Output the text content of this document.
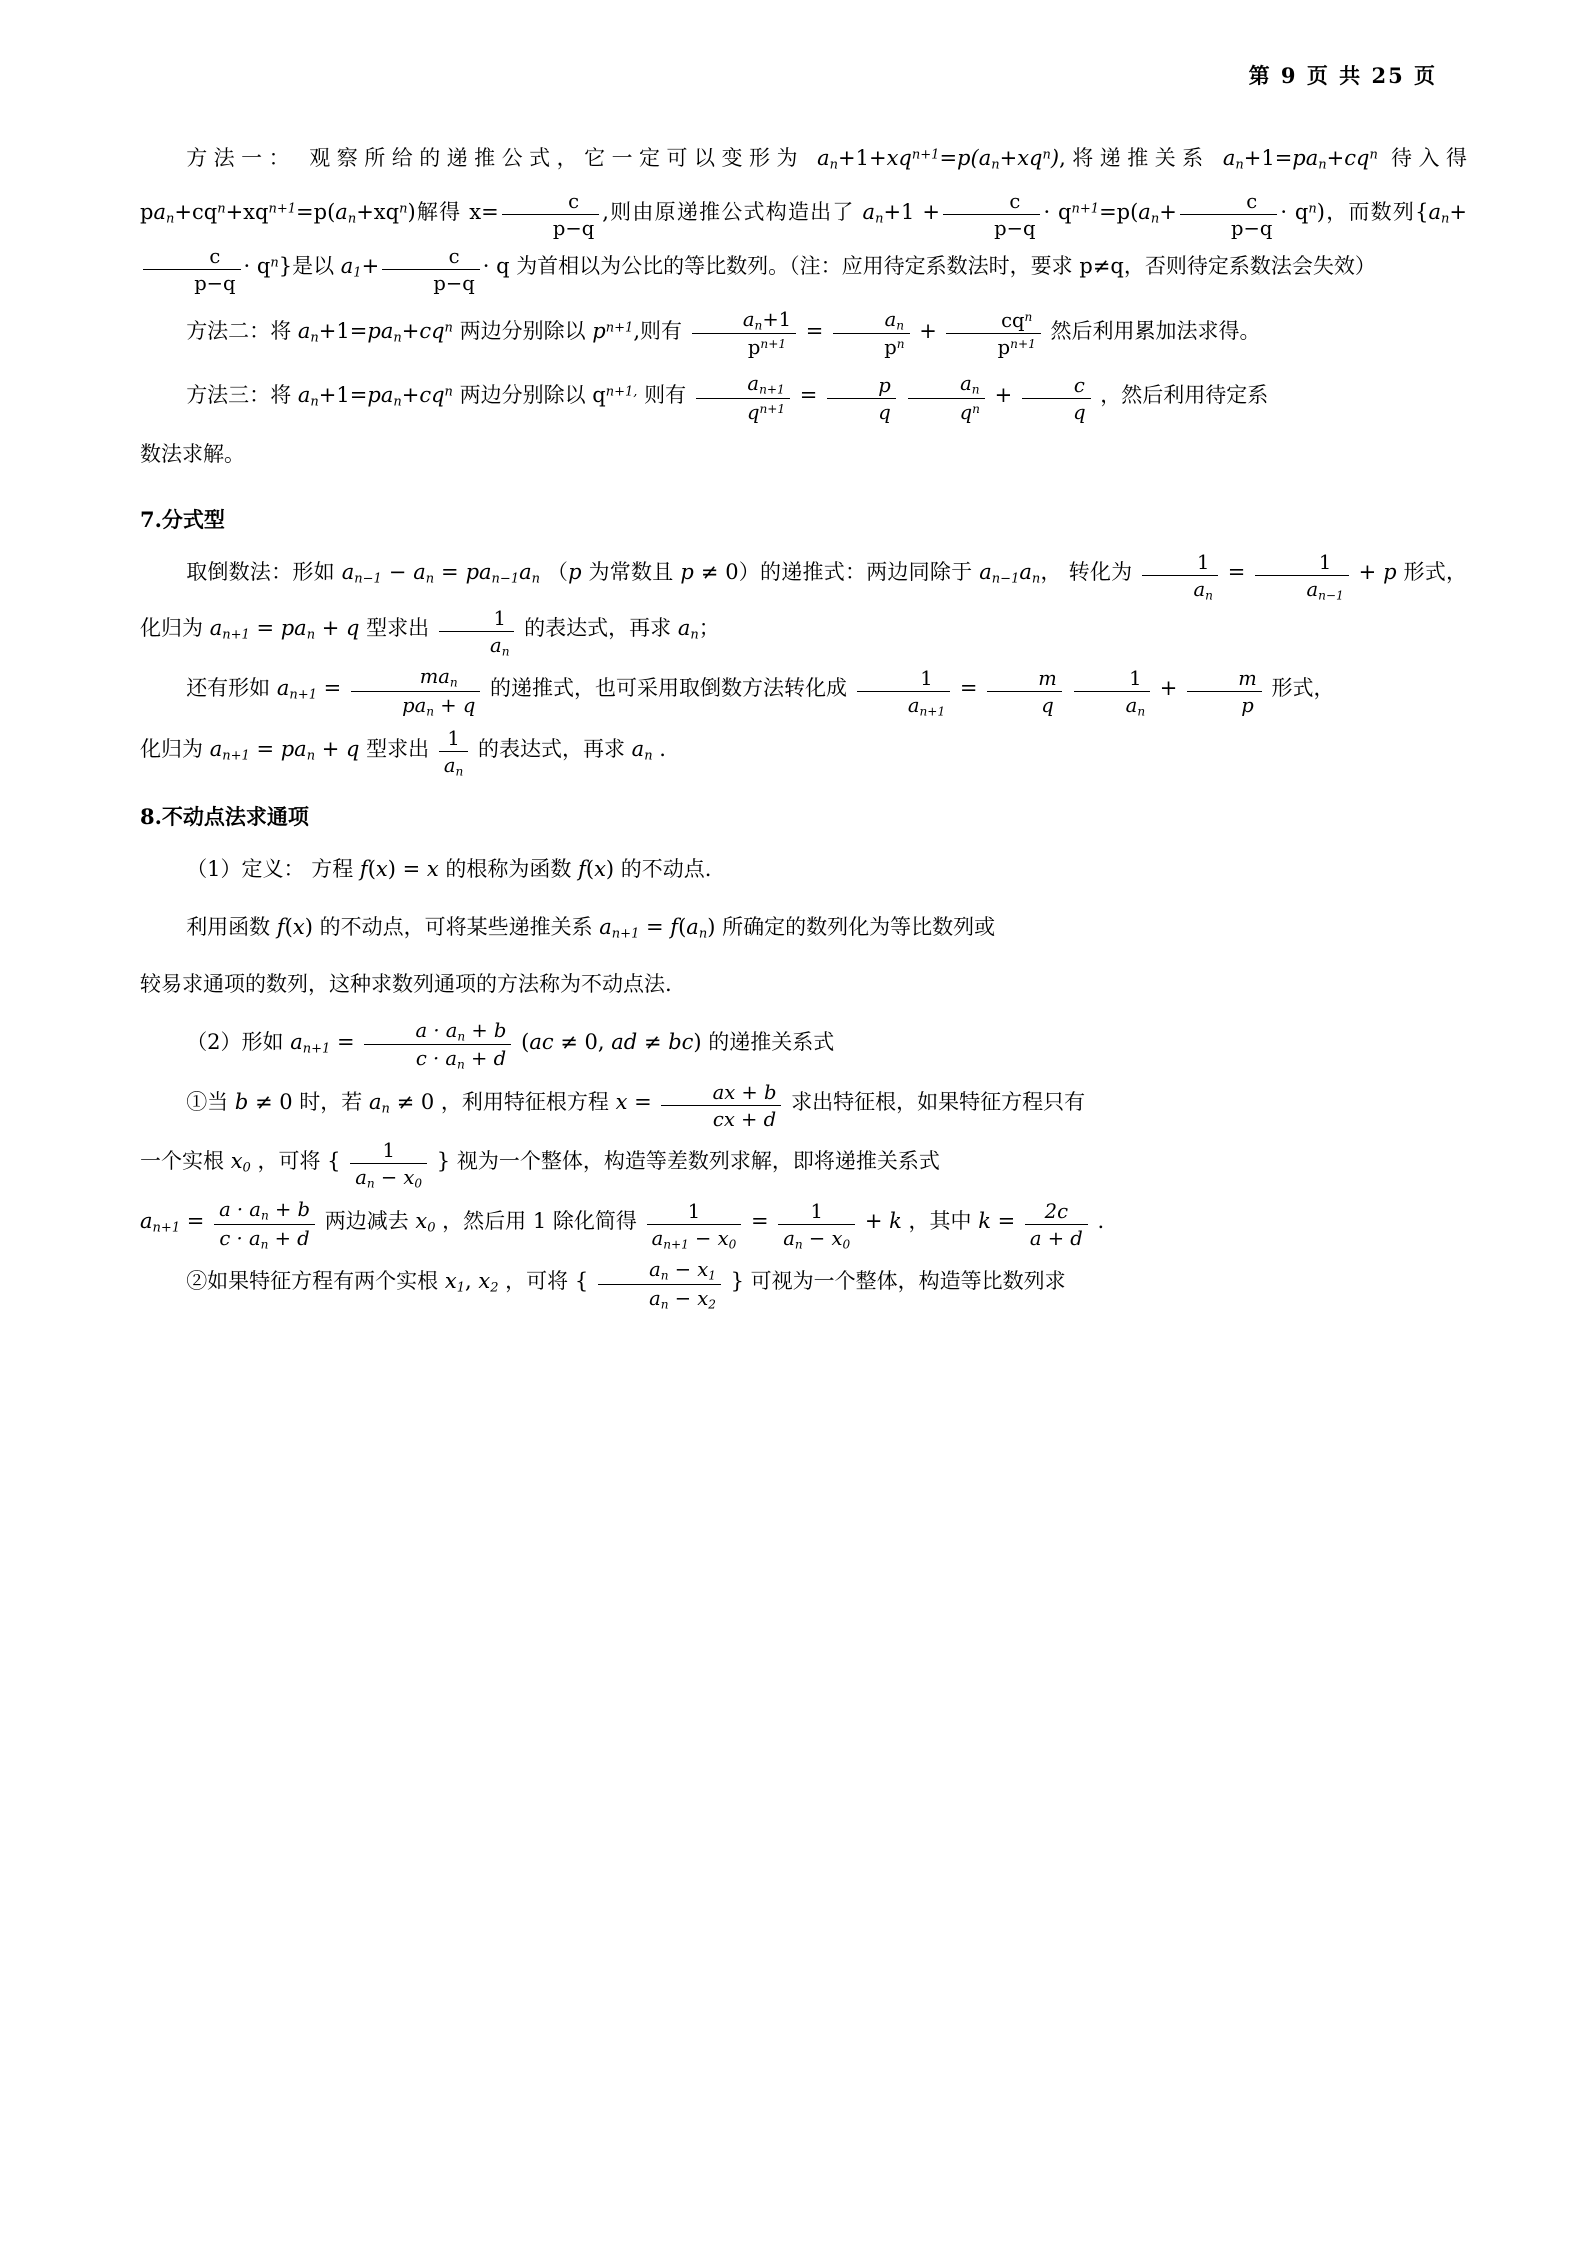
第 9 页 共 25 页
方法一： 观察所给的递推公式，它一定可以变形为 $a_n+1+xq^{n+1}=p(a_n+xq^n)$,将递推关系 $a_n+1=pa_n+cq^n$ 待入得 $pa_n+cq^n+xq^{n+1}=p(a_n+xq^n)$解得 $x= \frac{c}{p-q}$ ,则由原递推公式构造出了 $a_n+1 + \frac{c}{p-q} \cdot q^{n+1}=p(a_n+ \frac{c}{p-q} \cdot q^n)$，而数列{$a_n+$
$\frac{c}{p-q} \cdot q^n$}是以 $a_1+ \frac{c}{p-q} \cdot q$ 为首相以为公比的等比数列。（注：应用待定系数法时，要求 p≠q，否则待定系数法会失效）
方法二：将 $a_n+1=pa_n+cq^n$ 两边分别除以 $p^{n+1}$,则有 $\frac{a_n+1}{p^{n+1}} = \frac{a_n}{p^n} + \frac{cq^n}{p^{n+1}}$ 然后利用累加法求得。
方法三：将 $a_n+1=pa_n+cq^n$ 两边分别除以 $q^{n+1,}$ 则有 $\frac{a_{n+1}}{q^{n+1}} = \frac{p}{q}$
$\frac{a_n}{q^n} + \frac{c}{q}$ ，然后利用待定系
数法求解。
7.分式型
取倒数法：形如 $a_{n-1} - a_n = pa_{n-1}a_n$ （p 为常数且 p ≠ 0）的递推式：两边同除于 $a_{n-1}a_n$， 转化为 $\frac{1}{a_n} = \frac{1}{a_{n-1}} + p$ 形式，化归为 $a_{n+1} = pa_n + q$ 型求出 $\frac{1}{a_n}$ 的表达式，再求 $a_n$；
还有形如 $a_{n+1} = \frac{ma_n}{pa_n + q}$ 的递推式，也可采用取倒数方法转化成 $\frac{1}{a_{n+1}} = \frac{m}{q}$
$\frac{1}{a_n} + \frac{m}{p}$ 形式，
化归为 $a_{n+1} = pa_n + q$ 型求出 $\frac{1}{a_n}$ 的表达式，再求 $a_n$ .
8.不动点法求通项
（1）定义： 方程 f(x) = x 的根称为函数 f(x) 的不动点.
利用函数 f(x) 的不动点，可将某些递推关系 $a_{n+1} = f(a_n)$ 所确定的数列化为等比数列或
较易求通项的数列，这种求数列通项的方法称为不动点法.
（2）形如 $a_{n+1} = \frac{a \cdot a_n + b}{c \cdot a_n + d} (ac \ne 0$, ad ≠ bc) 的递推关系式
①当 b ≠ 0 时，若 $a_n \ne 0$ ，利用特征根方程 $x = \frac{ax + b}{cx + d}$ 求出特征根，如果特征方程只有
一个实根 $x_0$ ，可将 { $\frac{1}{a_n - x_0}$ } 视为一个整体，构造等差数列求解，即将递推关系式
$a_{n+1} = \frac{a \cdot a_n + b}{c \cdot a_n + d}$ 两边减去 $x_0$ ，然后用 1 除化简得 $\frac{1}{a_{n+1} - x_0} = \frac{1}{a_n - x_0} + k$ ，其中 $k = \frac{2c}{a + d}$ .
②如果特征方程有两个实根 $x_1$, $x_2$ ，可将 { $\frac{a_n - x_1}{a_n - x_2}$ } 可视为一个整体，构造等比数列求
